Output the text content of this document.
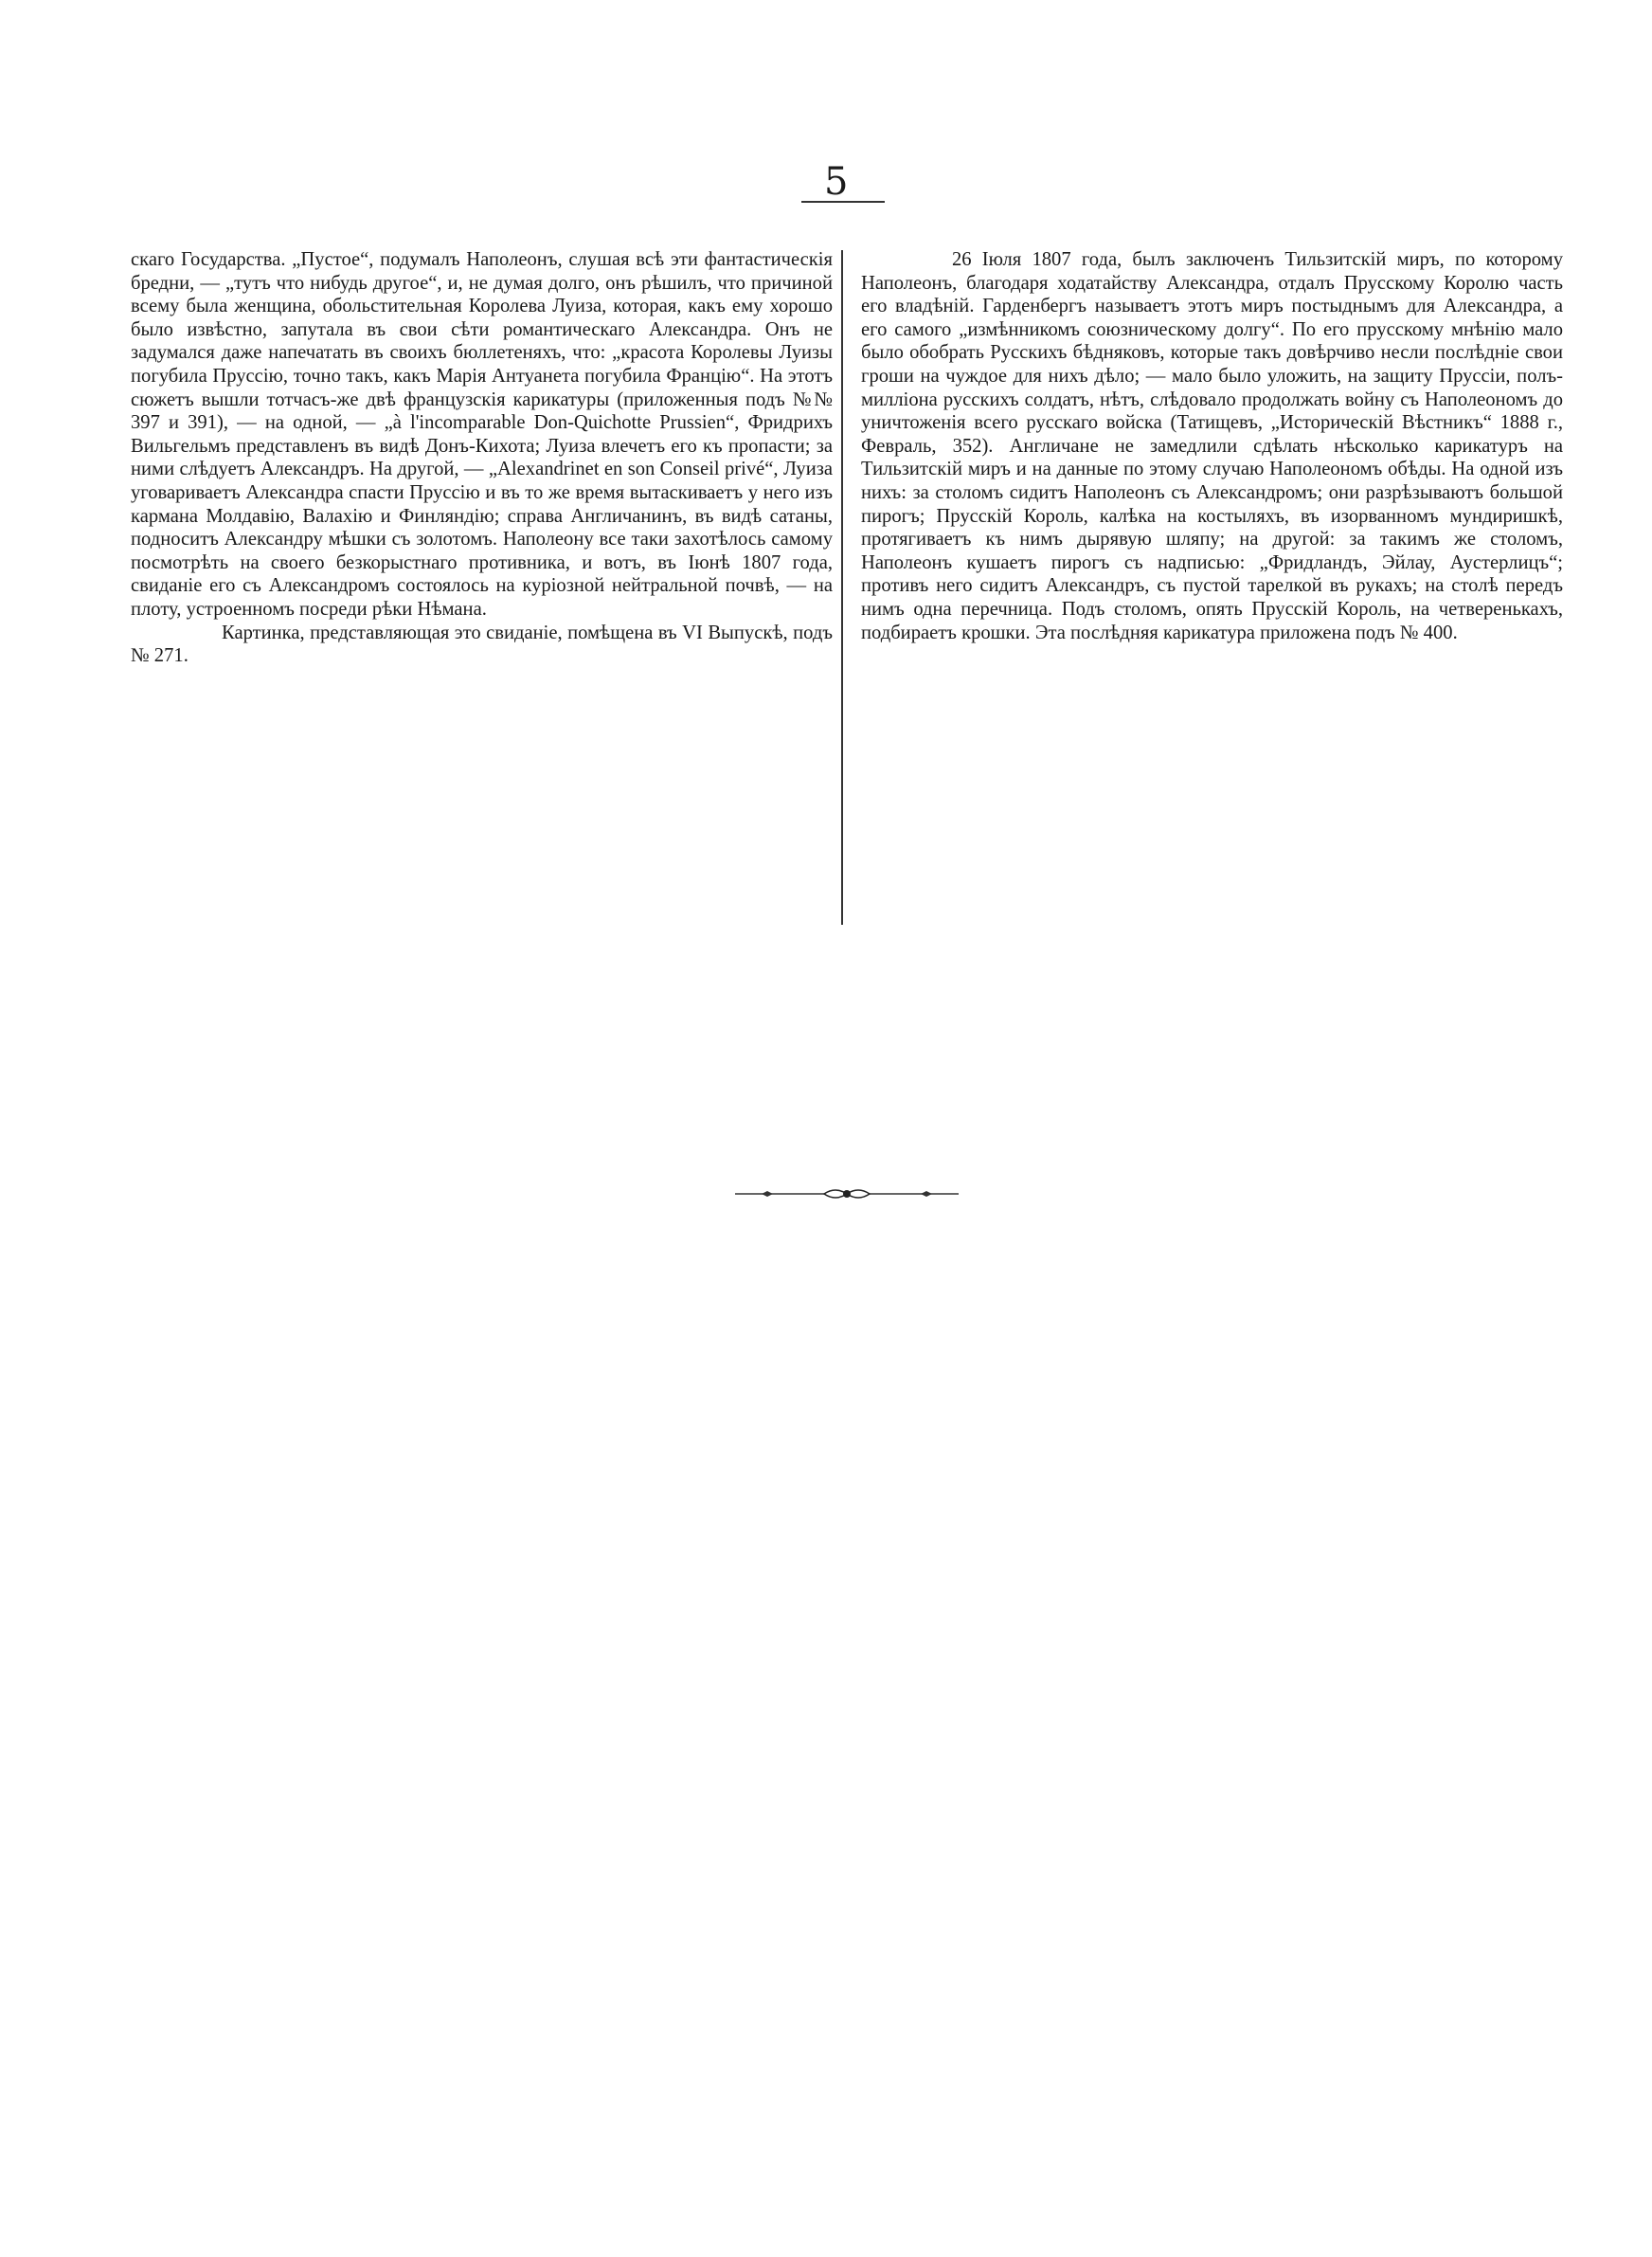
5

скаго Государства. „Пустое“, подумалъ Наполеонъ, слушая всѣ эти фантастическія бредни, — „тутъ что нибудь другое“, и, не думая долго, онъ рѣшилъ, что причиной всему была женщина, обольстительная Королева Луиза, которая, какъ ему хорошо было извѣстно, запутала въ свои сѣти романтическаго Александра. Онъ не задумался даже напечатать въ своихъ бюллетеняхъ, что: „красота Королевы Луизы погубила Пруссію, точно такъ, какъ Марія Антуанета погубила Францію“. На этотъ сюжетъ вышли тотчасъ-же двѣ французскія карикатуры (приложенныя подъ №№ 397 и 391), — на одной, — „à l'incomparable Don-Quichotte Prussien“, Фридрихъ Вильгельмъ представленъ въ видѣ Донъ-Кихота; Луиза влечетъ его къ пропасти; за ними слѣдуетъ Александръ. На другой, — „Alexandrinet en son Conseil privé“, Луиза уговариваетъ Александра спасти Пруссію и въ то же время вытаскиваетъ у него изъ кармана Молдавію, Валахію и Финляндію; справа Англичанинъ, въ видѣ сатаны, подноситъ Александру мѣшки съ золотомъ. Наполеону все таки захотѣлось самому посмотрѣть на своего безкорыстнаго противника, и вотъ, въ Іюнѣ 1807 года, свиданіе его съ Александромъ состоялось на куріозной нейтральной почвѣ, — на плоту, устроенномъ посреди рѣки Нѣмана.

Картинка, представляющая это свиданіе, помѣщена въ VI Выпускѣ, подъ № 271.

26 Іюля 1807 года, былъ заключенъ Тильзитскій миръ, по которому Наполеонъ, благодаря ходатайству Александра, отдалъ Прусскому Королю часть его владѣній. Гарденбергъ называетъ этотъ миръ постыднымъ для Александра, а его самого „измѣнникомъ союзническому долгу“. По его прусскому мнѣнію мало было обобрать Русскихъ бѣдняковъ, которые такъ довѣрчиво несли послѣдніе свои гроши на чуждое для нихъ дѣло; — мало было уложить, на защиту Пруссіи, полъ-милліона русскихъ солдатъ, нѣтъ, слѣдовало продолжать войну съ Наполеономъ до уничтоженія всего русскаго войска (Татищевъ, „Историческій Вѣстникъ“ 1888 г., Февраль, 352). Англичане не замедлили сдѣлать нѣсколько карикатуръ на Тильзитскій миръ и на данные по этому случаю Наполеономъ обѣды. На одной изъ нихъ: за столомъ сидитъ Наполеонъ съ Александромъ; они разрѣзываютъ большой пирогъ; Прусскій Король, калѣка на костыляхъ, въ изорванномъ мундиришкѣ, протягиваетъ къ нимъ дырявую шляпу; на другой: за такимъ же столомъ, Наполеонъ кушаетъ пирогъ съ надписью: „Фридландъ, Эйлау, Аустерлицъ“; противъ него сидитъ Александръ, съ пустой тарелкой въ рукахъ; на столѣ передъ нимъ одна перечница. Подъ столомъ, опять Прусскій Король, на четверенькахъ, подбираетъ крошки. Эта послѣдняя карикатура приложена подъ № 400.
